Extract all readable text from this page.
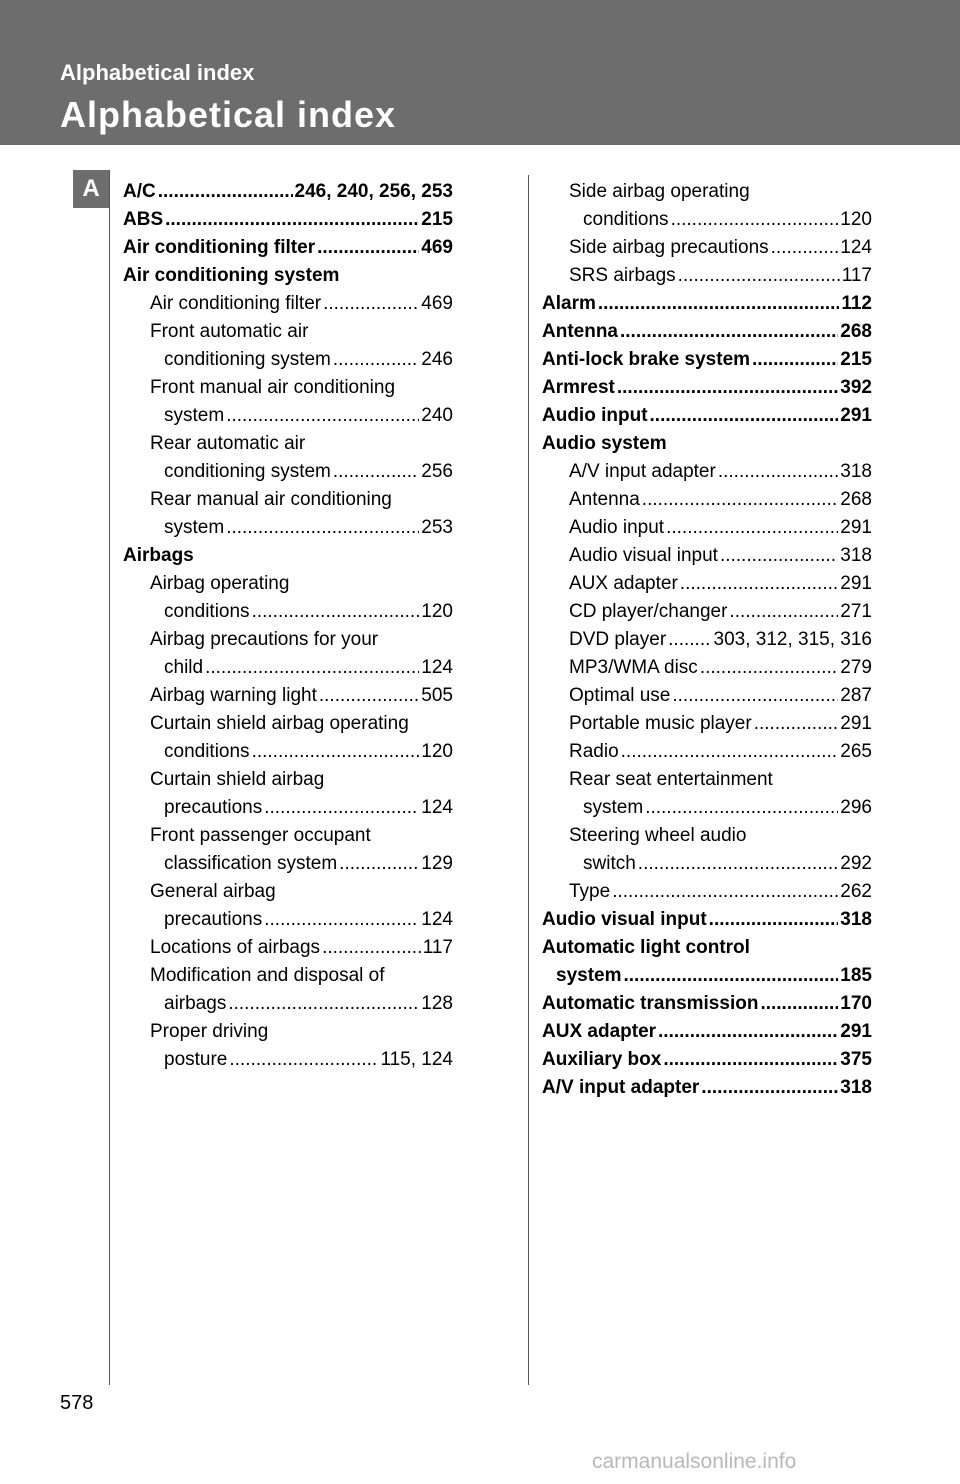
Alphabetical index
Alphabetical index
A	A/C .....	246, 240, 256, 253
ABS .....	215
Air conditioning filter .....	469
Air conditioning system
Air conditioning filter .....	469
Front automatic air
conditioning system .....	246
Front manual air conditioning
system .....	240
Rear automatic air
conditioning system .....	256
Rear manual air conditioning
system .....	253
Airbags
Airbag operating
conditions .....	120
Airbag precautions for your
child .....	124
Airbag warning light .....	505
Curtain shield airbag operating
conditions .....	120
Curtain shield airbag
precautions .....	124
Front passenger occupant
classification system .....	129
General airbag
precautions .....	124
Locations of airbags .....	117
Modification and disposal of
airbags .....	128
Proper driving
posture .....	115, 124
Side airbag operating
conditions .....	120
Side airbag precautions .....	124
SRS airbags .....	117
Alarm .....	112
Antenna .....	268
Anti-lock brake system .....	215
Armrest .....	392
Audio input .....	291
Audio system
A/V input adapter .....	318
Antenna .....	268
Audio input .....	291
Audio visual input .....	318
AUX adapter .....	291
CD player/changer .....	271
DVD player ..... 303, 312, 315, 316
MP3/WMA disc .....	279
Optimal use .....	287
Portable music player .....	291
Radio .....	265
Rear seat entertainment
system .....	296
Steering wheel audio
switch .....	292
Type .....	262
Audio visual input .....	318
Automatic light control
system .....	185
Automatic transmission .....	170
AUX adapter .....	291
Auxiliary box .....	375
A/V input adapter .....	318
578
carmanualsonline.info
